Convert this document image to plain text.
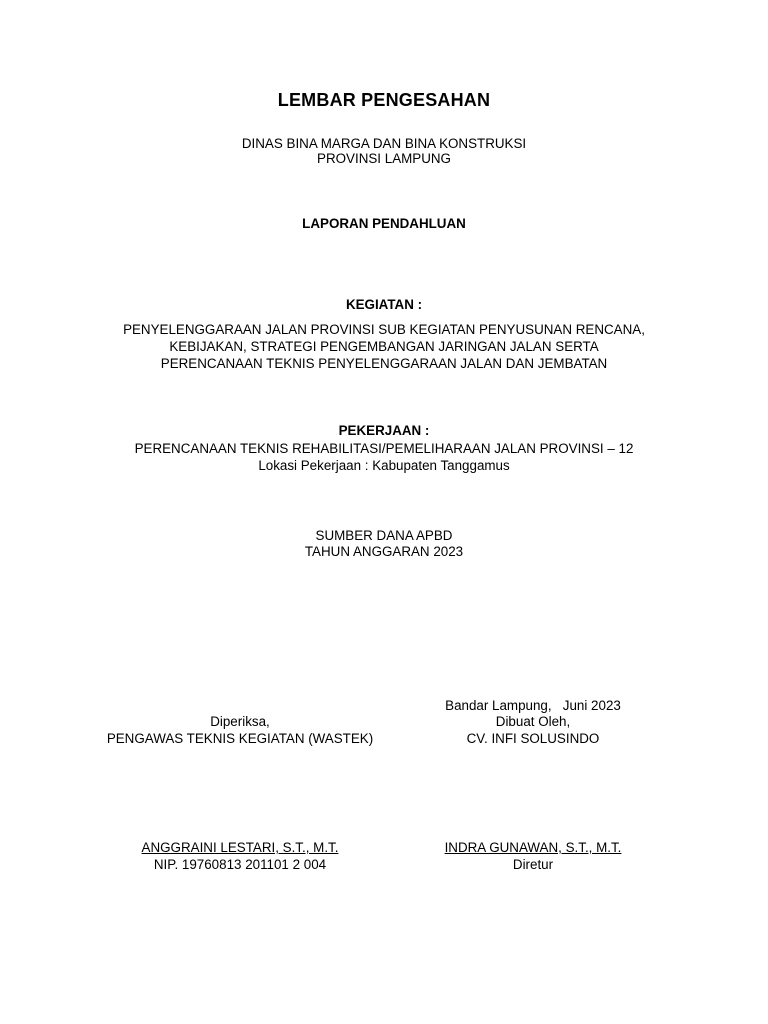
LEMBAR PENGESAHAN
DINAS BINA MARGA DAN BINA KONSTRUKSI
PROVINSI LAMPUNG
LAPORAN PENDAHLUAN
KEGIATAN :
PENYELENGGARAAN JALAN PROVINSI SUB KEGIATAN PENYUSUNAN RENCANA,
KEBIJAKAN, STRATEGI PENGEMBANGAN JARINGAN JALAN SERTA
PERENCANAAN TEKNIS PENYELENGGARAAN JALAN DAN JEMBATAN
PEKERJAAN :
PERENCANAAN TEKNIS REHABILITASI/PEMELIHARAAN JALAN PROVINSI – 12
Lokasi Pekerjaan : Kabupaten Tanggamus
SUMBER DANA APBD
TAHUN ANGGARAN 2023
Diperiksa,
PENGAWAS TEKNIS KEGIATAN (WASTEK)
ANGGRAINI LESTARI, S.T., M.T.
NIP. 19760813 201101 2 004
Bandar Lampung,   Juni 2023
Dibuat Oleh,
CV. INFI SOLUSINDO
INDRA GUNAWAN, S.T., M.T.
Diretur
